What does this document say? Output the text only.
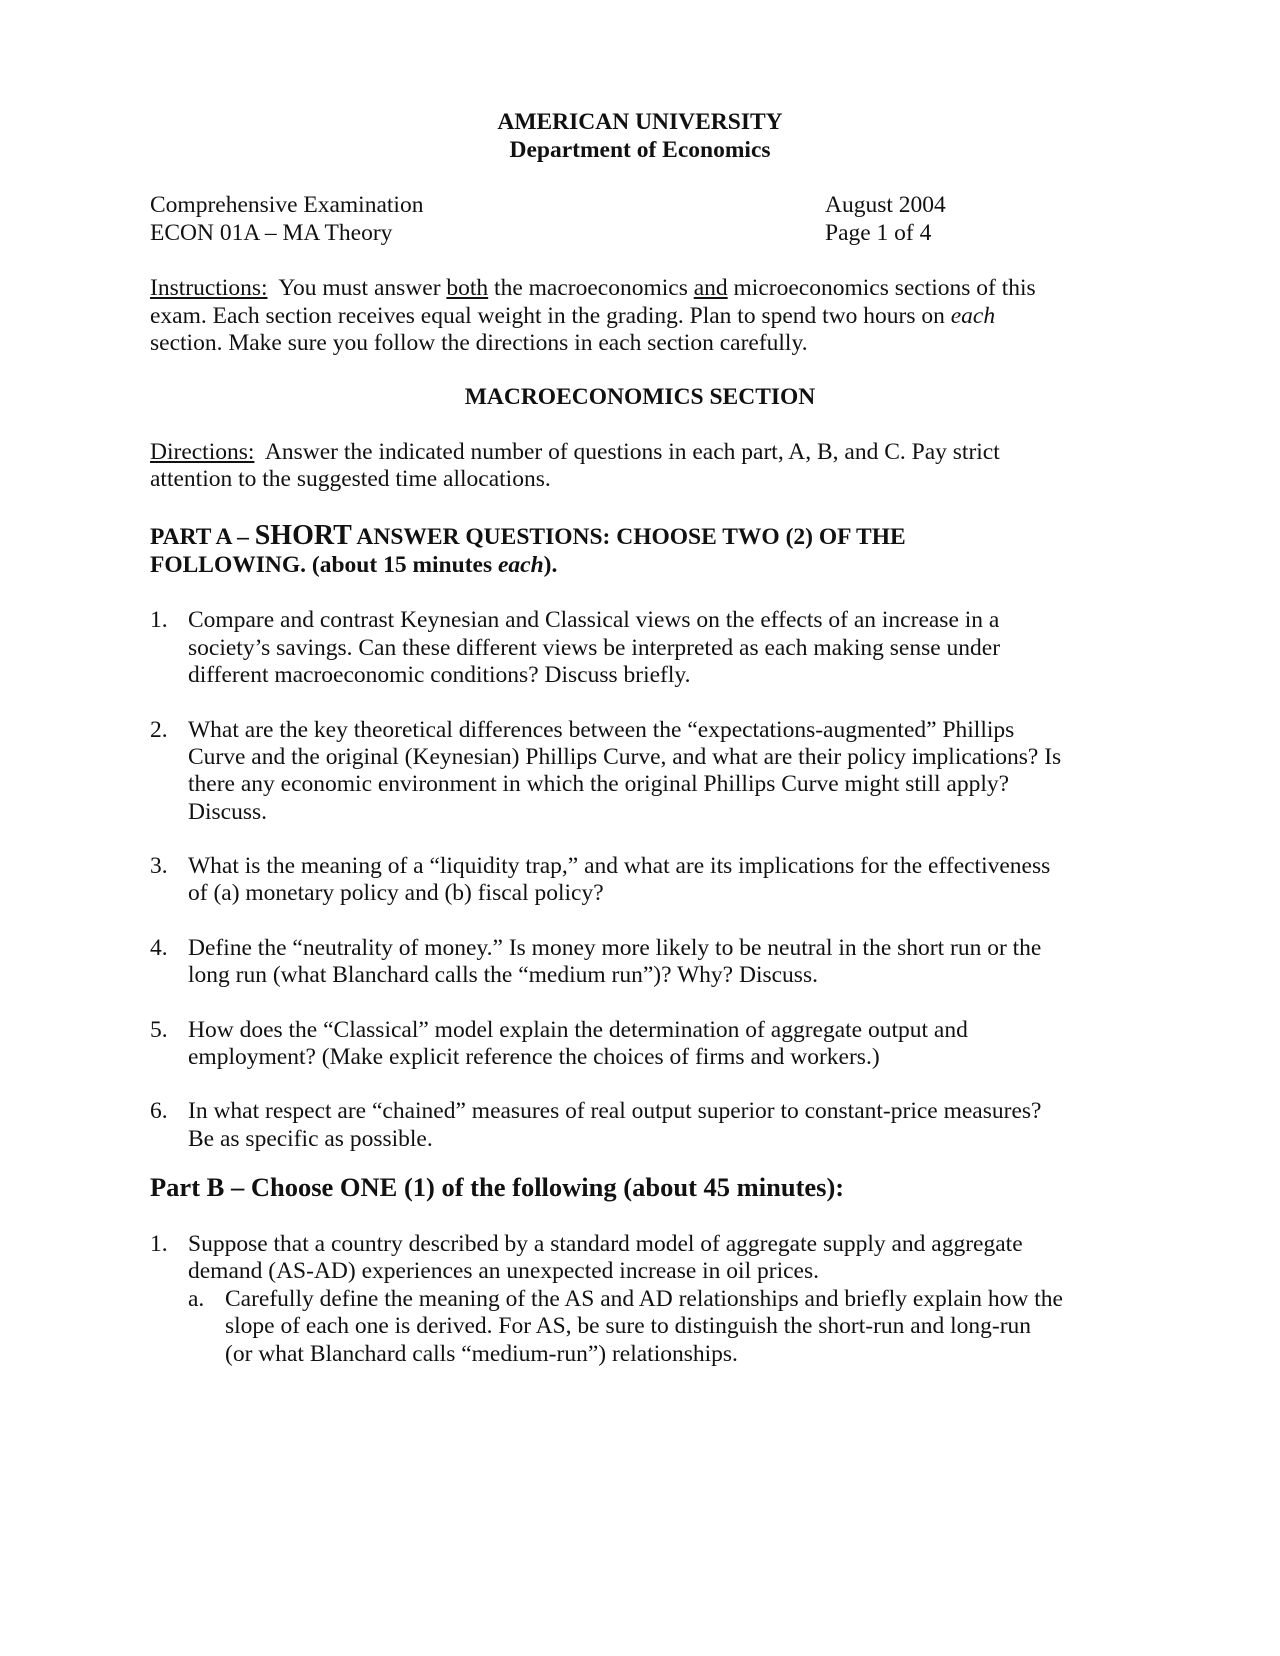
AMERICAN UNIVERSITY
Department of Economics
Comprehensive Examination	August 2004
ECON 01A – MA Theory	Page 1 of 4
Instructions: You must answer both the macroeconomics and microeconomics sections of this
exam. Each section receives equal weight in the grading. Plan to spend two hours on each
section. Make sure you follow the directions in each section carefully.
MACROECONOMICS SECTION
Directions: Answer the indicated number of questions in each part, A, B, and C. Pay strict
attention to the suggested time allocations.
PART A – SHORT ANSWER QUESTIONS: CHOOSE TWO (2) OF THE
FOLLOWING. (about 15 minutes each).
1. Compare and contrast Keynesian and Classical views on the effects of an increase in a
society’s savings. Can these different views be interpreted as each making sense under
different macroeconomic conditions? Discuss briefly.
2. What are the key theoretical differences between the “expectations-augmented” Phillips
Curve and the original (Keynesian) Phillips Curve, and what are their policy implications? Is
there any economic environment in which the original Phillips Curve might still apply?
Discuss.
3. What is the meaning of a “liquidity trap,” and what are its implications for the effectiveness
of (a) monetary policy and (b) fiscal policy?
4. Define the “neutrality of money.” Is money more likely to be neutral in the short run or the
long run (what Blanchard calls the “medium run”)? Why? Discuss.
5. How does the “Classical” model explain the determination of aggregate output and
employment? (Make explicit reference the choices of firms and workers.)
6. In what respect are “chained” measures of real output superior to constant-price measures?
Be as specific as possible.
Part B – Choose ONE (1) of the following (about 45 minutes):
1. Suppose that a country described by a standard model of aggregate supply and aggregate
demand (AS-AD) experiences an unexpected increase in oil prices.
a. Carefully define the meaning of the AS and AD relationships and briefly explain how the
slope of each one is derived. For AS, be sure to distinguish the short-run and long-run
(or what Blanchard calls “medium-run”) relationships.
